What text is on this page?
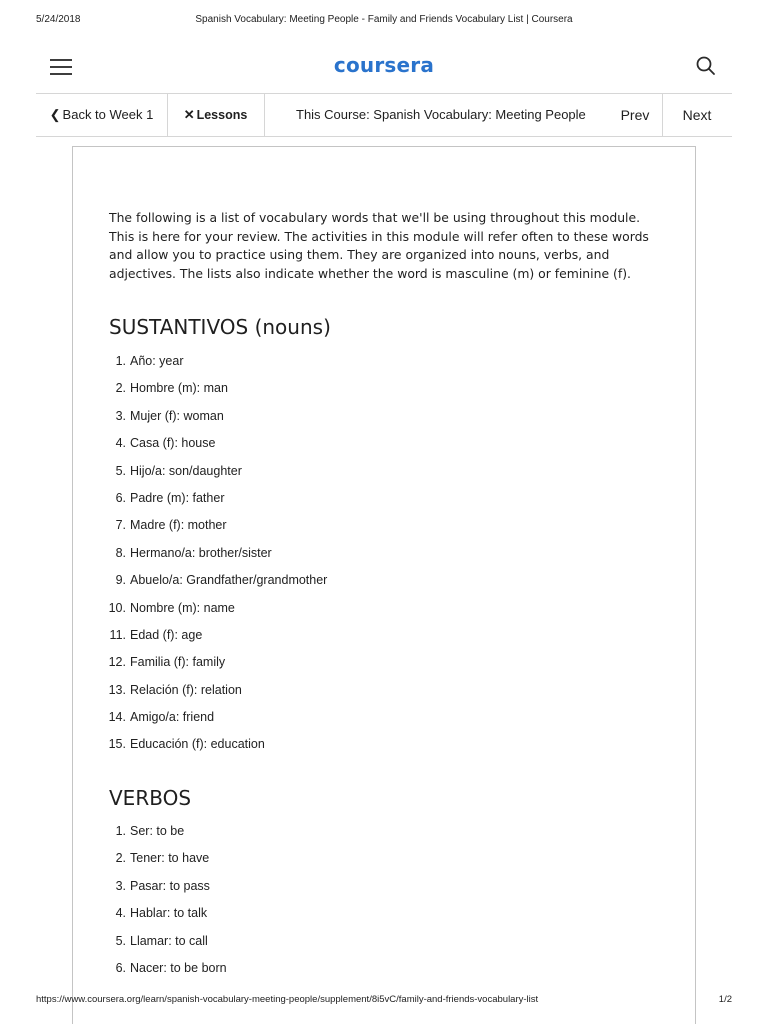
5/24/2018	Spanish Vocabulary: Meeting People - Family and Friends Vocabulary List | Coursera
coursera
❮ Back to Week 1	✕ Lessons	This Course: Spanish Vocabulary: Meeting People	Prev	Next

The following is a list of vocabulary words that we'll be using throughout this module. This is here for your review. The activities in this module will refer often to these words and allow you to practice using them. They are organized into nouns, verbs, and adjectives. The lists also indicate whether the word is masculine (m) or feminine (f).

SUSTANTIVOS (nouns)
1. Año: year
2. Hombre (m): man
3. Mujer (f): woman
4. Casa (f): house
5. Hijo/a: son/daughter
6. Padre (m): father
7. Madre (f): mother
8. Hermano/a: brother/sister
9. Abuelo/a: Grandfather/grandmother
10. Nombre (m): name
11. Edad (f): age
12. Familia (f): family
13. Relación (f): relation
14. Amigo/a: friend
15. Educación (f): education
VERBOS
1. Ser: to be
2. Tener: to have
3. Pasar: to pass
4. Hablar: to talk
5. Llamar: to call
6. Nacer: to be born
https://www.coursera.org/learn/spanish-vocabulary-meeting-people/supplement/8i5vC/family-and-friends-vocabulary-list	1/2
